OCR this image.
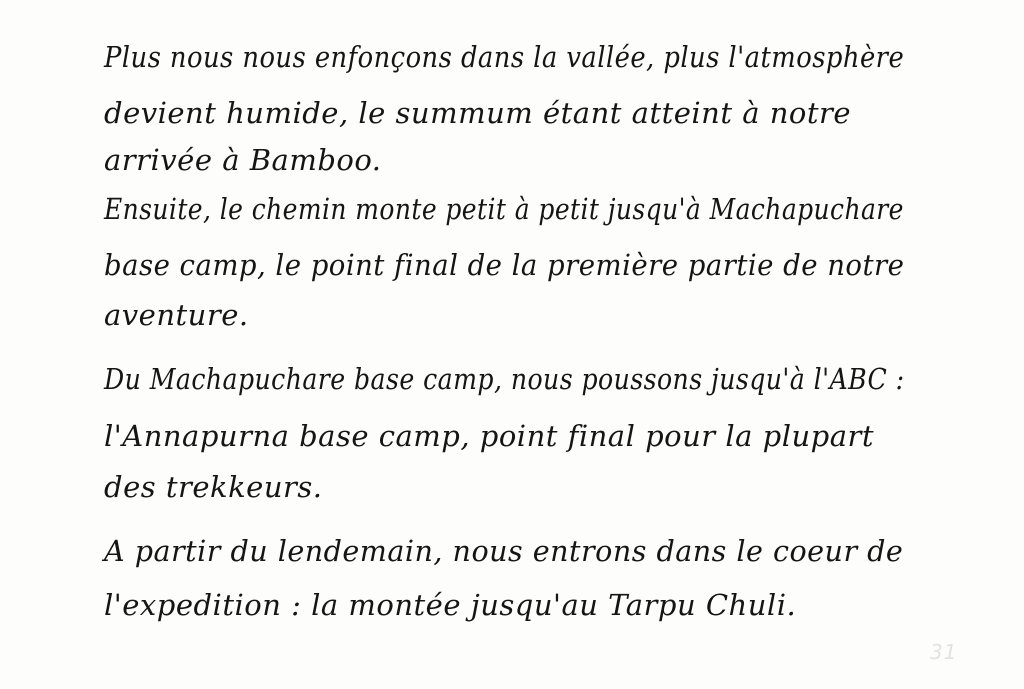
Plus nous nous enfonçons dans la vallée, plus l'atmosphère
devient humide, le summum étant atteint à notre
arrivée à Bamboo.
Ensuite, le chemin monte petit à petit jusqu'à Machapuchare
base camp, le point final de la première partie de notre
aventure.
Du Machapuchare base camp, nous poussons jusqu'à l'ABC :
l'Annapurna base camp, point final pour la plupart
des trekkeurs.
A partir du lendemain, nous entrons dans le coeur de
l'expedition : la montée jusqu'au Tarpu Chuli.
31
